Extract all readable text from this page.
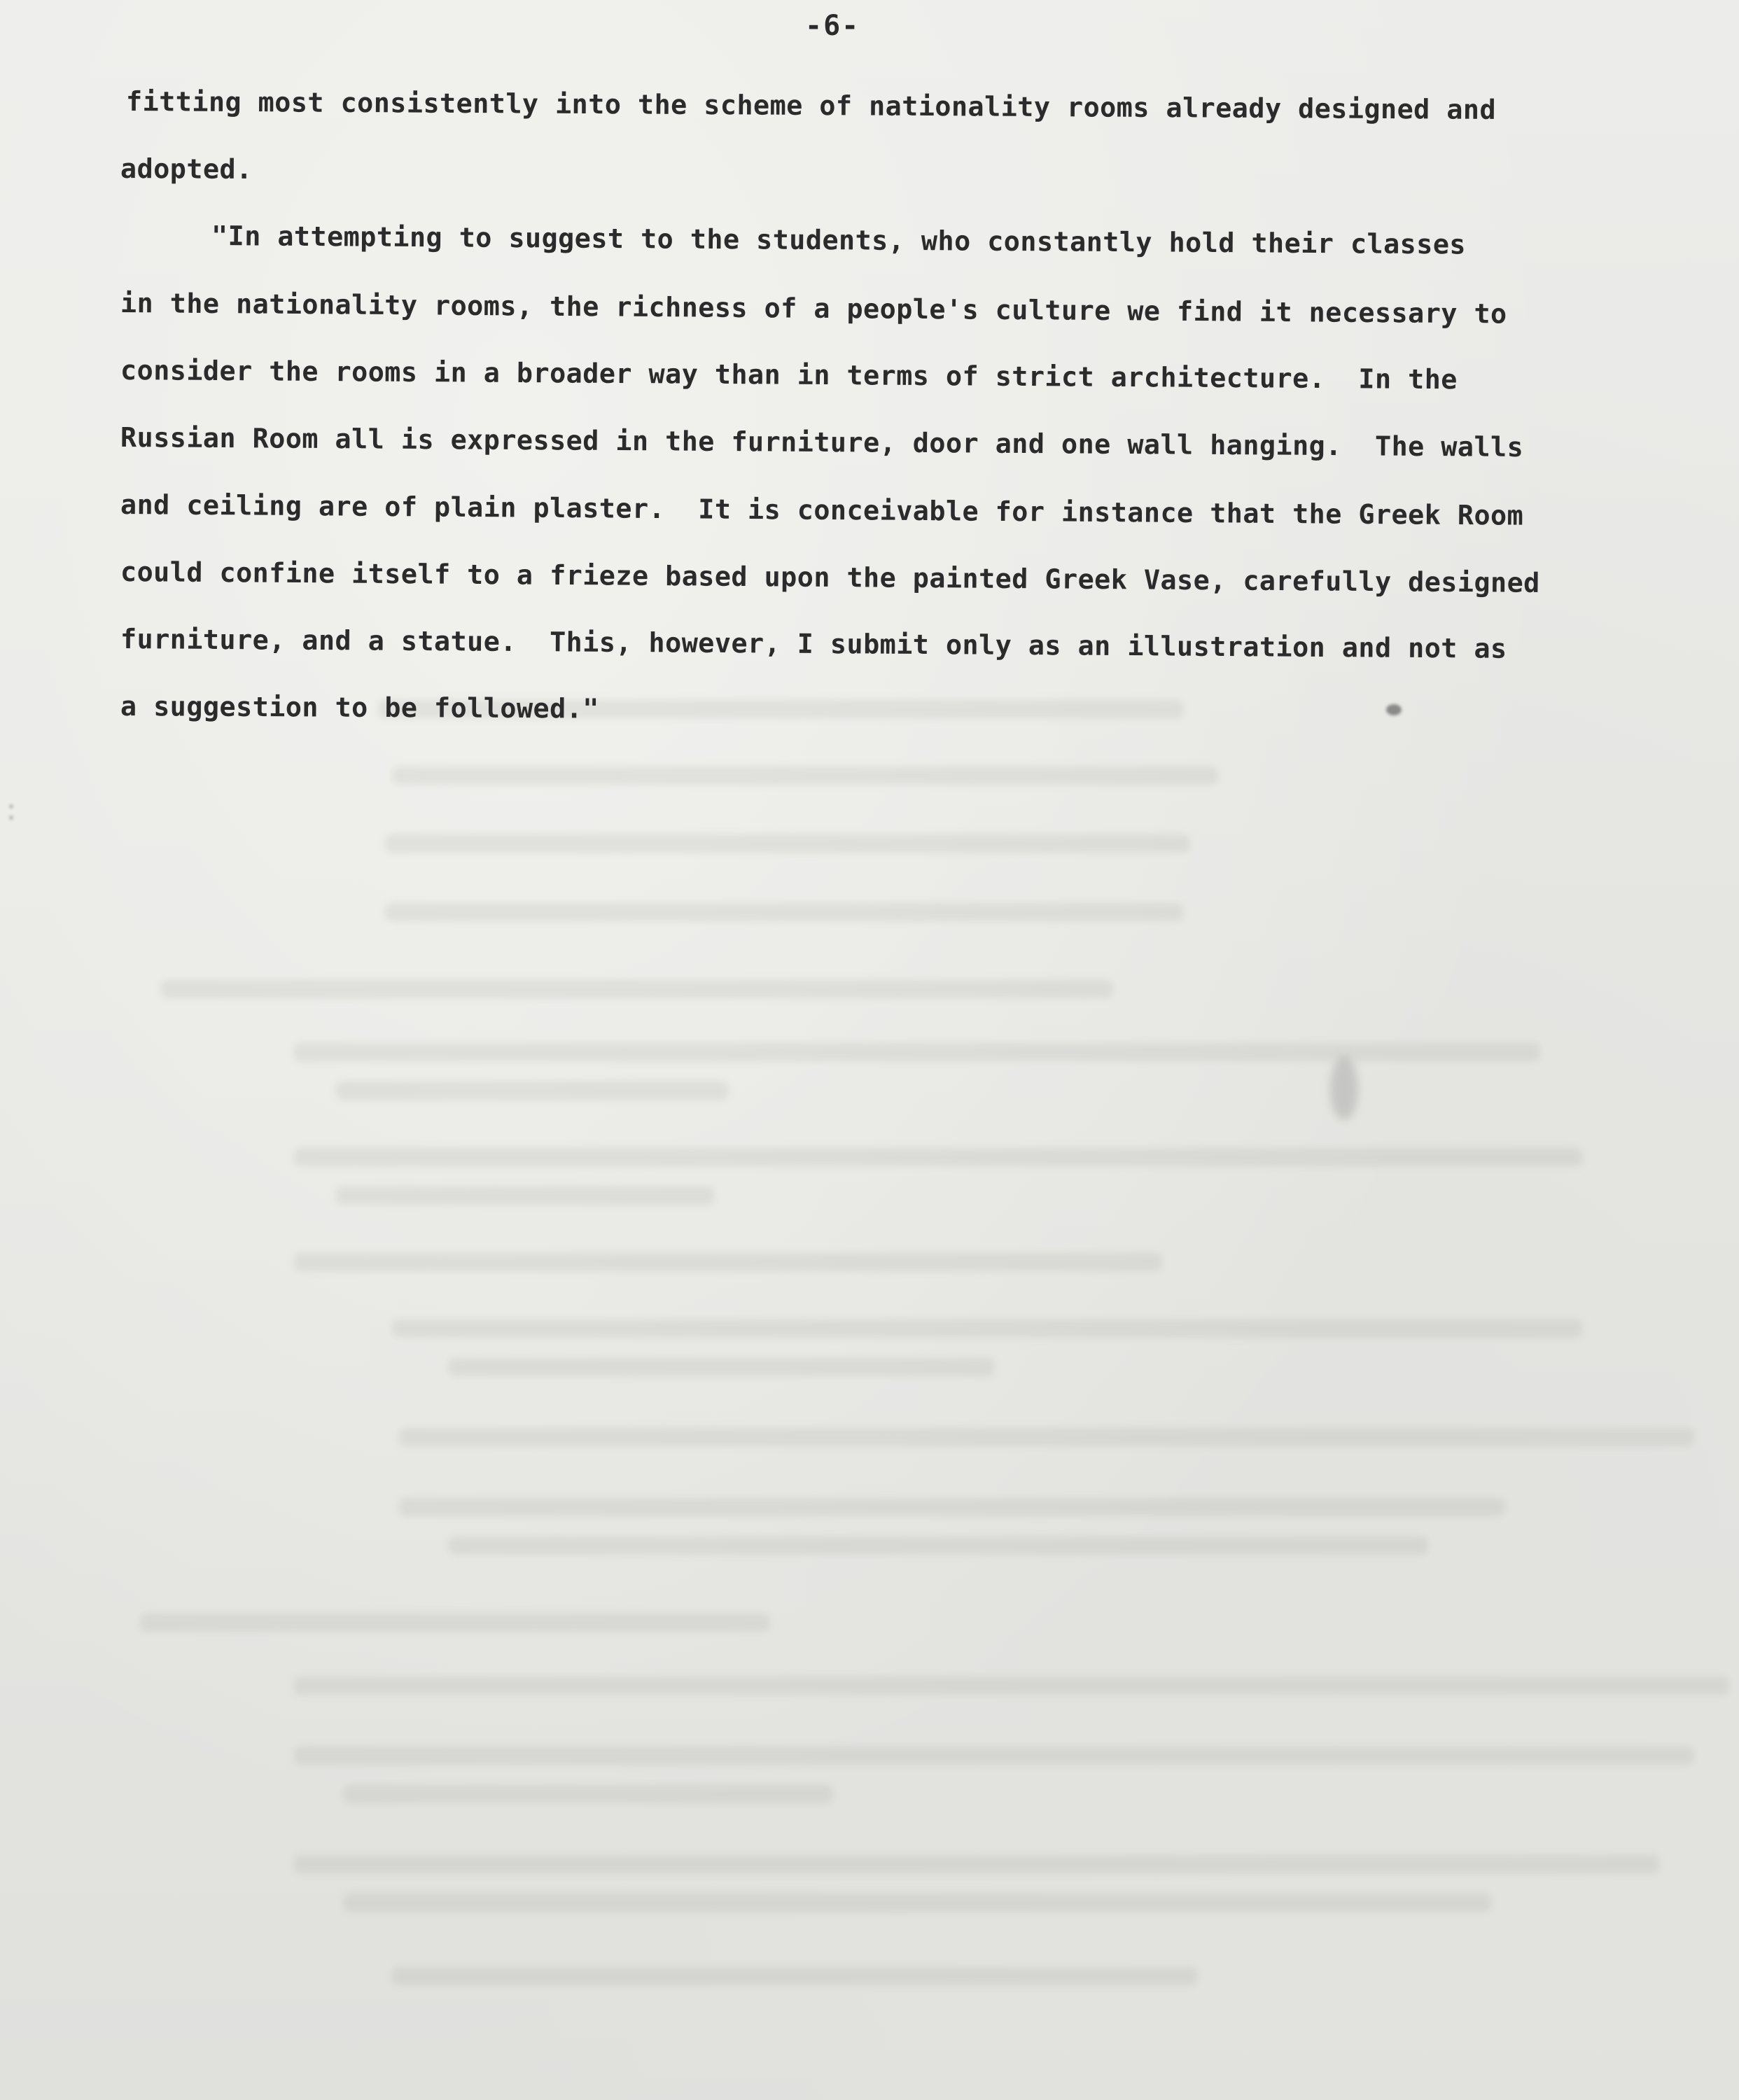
-6-
fitting most consistently into the scheme of nationality rooms already designed and
adopted.
"In attempting to suggest to the students, who constantly hold their classes
in the nationality rooms, the richness of a people's culture we find it necessary to
consider the rooms in a broader way than in terms of strict architecture.  In the
Russian Room all is expressed in the furniture, door and one wall hanging.  The walls
and ceiling are of plain plaster.  It is conceivable for instance that the Greek Room
could confine itself to a frieze based upon the painted Greek Vase, carefully designed
furniture, and a statue.  This, however, I submit only as an illustration and not as
a suggestion to be followed."
